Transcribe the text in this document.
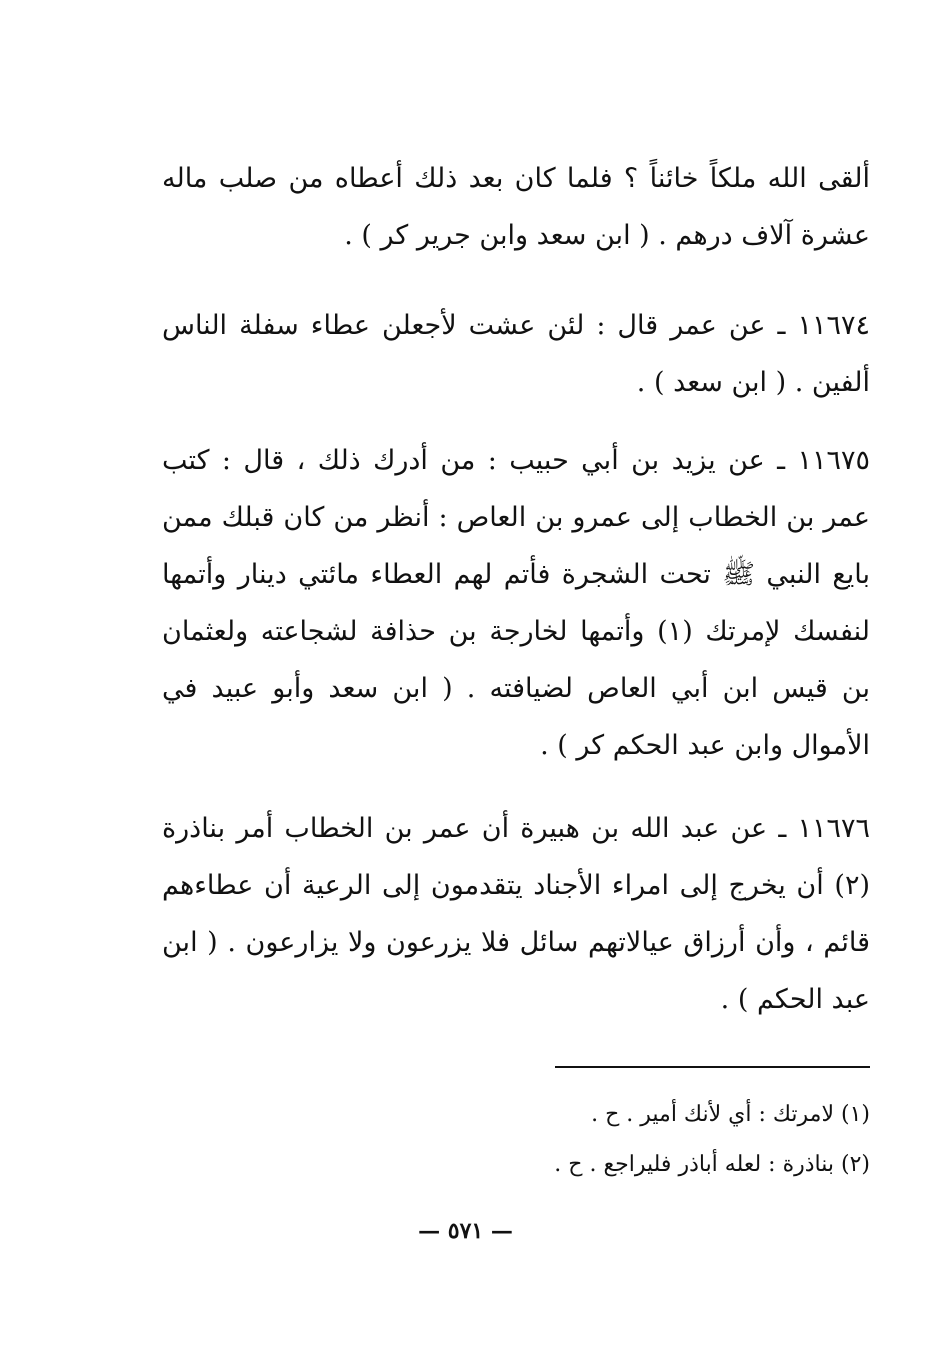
ألقى الله ملكاً خائناً ؟ فلما كان بعد ذلك أعطاه من صلب ماله عشرة آلاف درهم . ( ابن سعد وابن جرير كر ) .

١١٦٧٤ ـ عن عمر قال : لئن عشت لأجعلن عطاء سفلة الناس ألفين . ( ابن سعد ) .

١١٦٧٥ ـ عن يزيد بن أبي حبيب : من أدرك ذلك ، قال : كتب عمر بن الخطاب إلى عمرو بن العاص : أنظر من كان قبلك ممن بايع النبي ﷺ تحت الشجرة فأتم لهم العطاء مائتي دينار وأتمها لنفسك لإمرتك (١) وأتمها لخارجة بن حذافة لشجاعته ولعثمان بن قيس ابن أبي العاص لضيافته . ( ابن سعد وأبو عبيد في الأموال وابن عبد الحكم كر ) .

١١٦٧٦ ـ عن عبد الله بن هبيرة أن عمر بن الخطاب أمر بناذرة (٢) أن يخرج إلى امراء الأجناد يتقدمون إلى الرعية أن عطاءهم قائم ، وأن أرزاق عيالاتهم سائل فلا يزرعون ولا يزارعون . ( ابن عبد الحكم ) .

(١) لامرتك : أي لأنك أمير . ح .

(٢) بناذرة : لعله أباذر فليراجع . ح .

— ٥٧١ —
